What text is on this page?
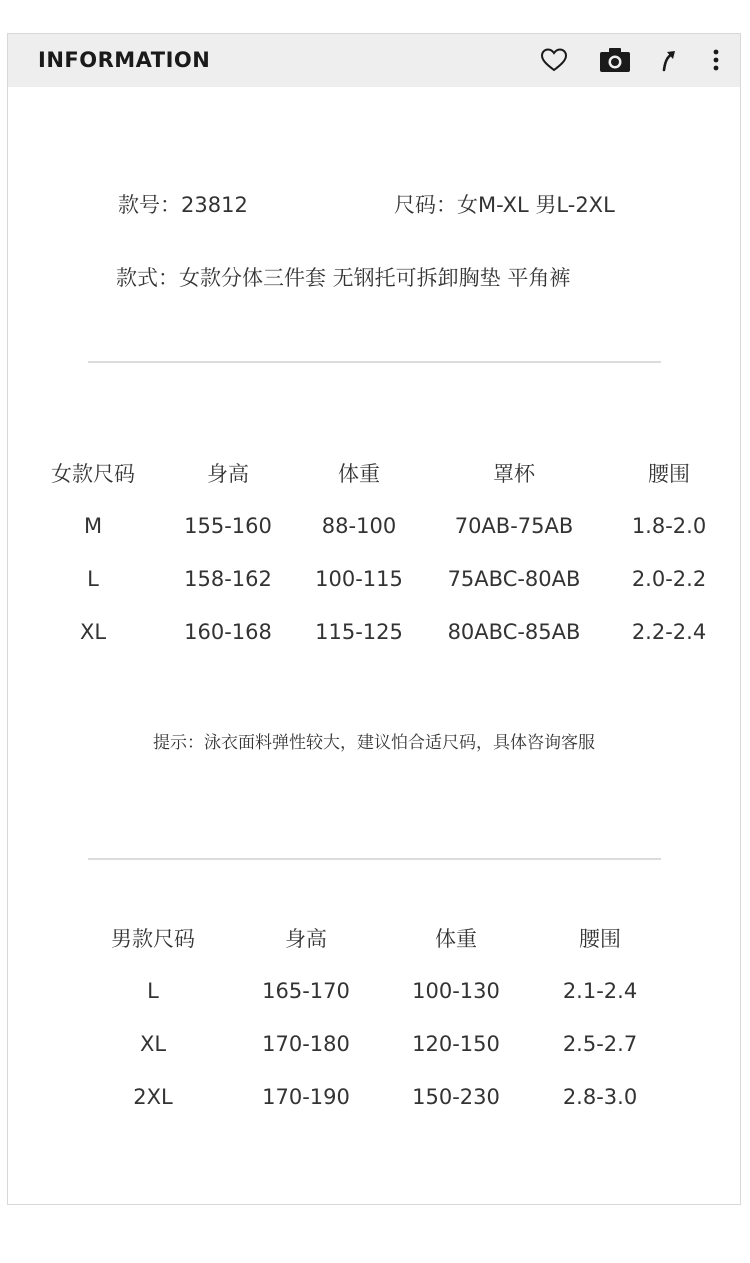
INFORMATION
款号：23812	尺码：女M-XL 男L-2XL
款式：女款分体三件套 无钢托可拆卸胸垫 平角裤
女款尺码	身高	体重	罩杯	腰围
M	155-160	88-100	70AB-75AB	1.8-2.0
L	158-162	100-115	75ABC-80AB	2.0-2.2
XL	160-168	115-125	80ABC-85AB	2.2-2.4
提示：泳衣面料弹性较大，建议怕合适尺码，具体咨询客服
男款尺码	身高	体重	腰围
L	165-170	100-130	2.1-2.4
XL	170-180	120-150	2.5-2.7
2XL	170-190	150-230	2.8-3.0
